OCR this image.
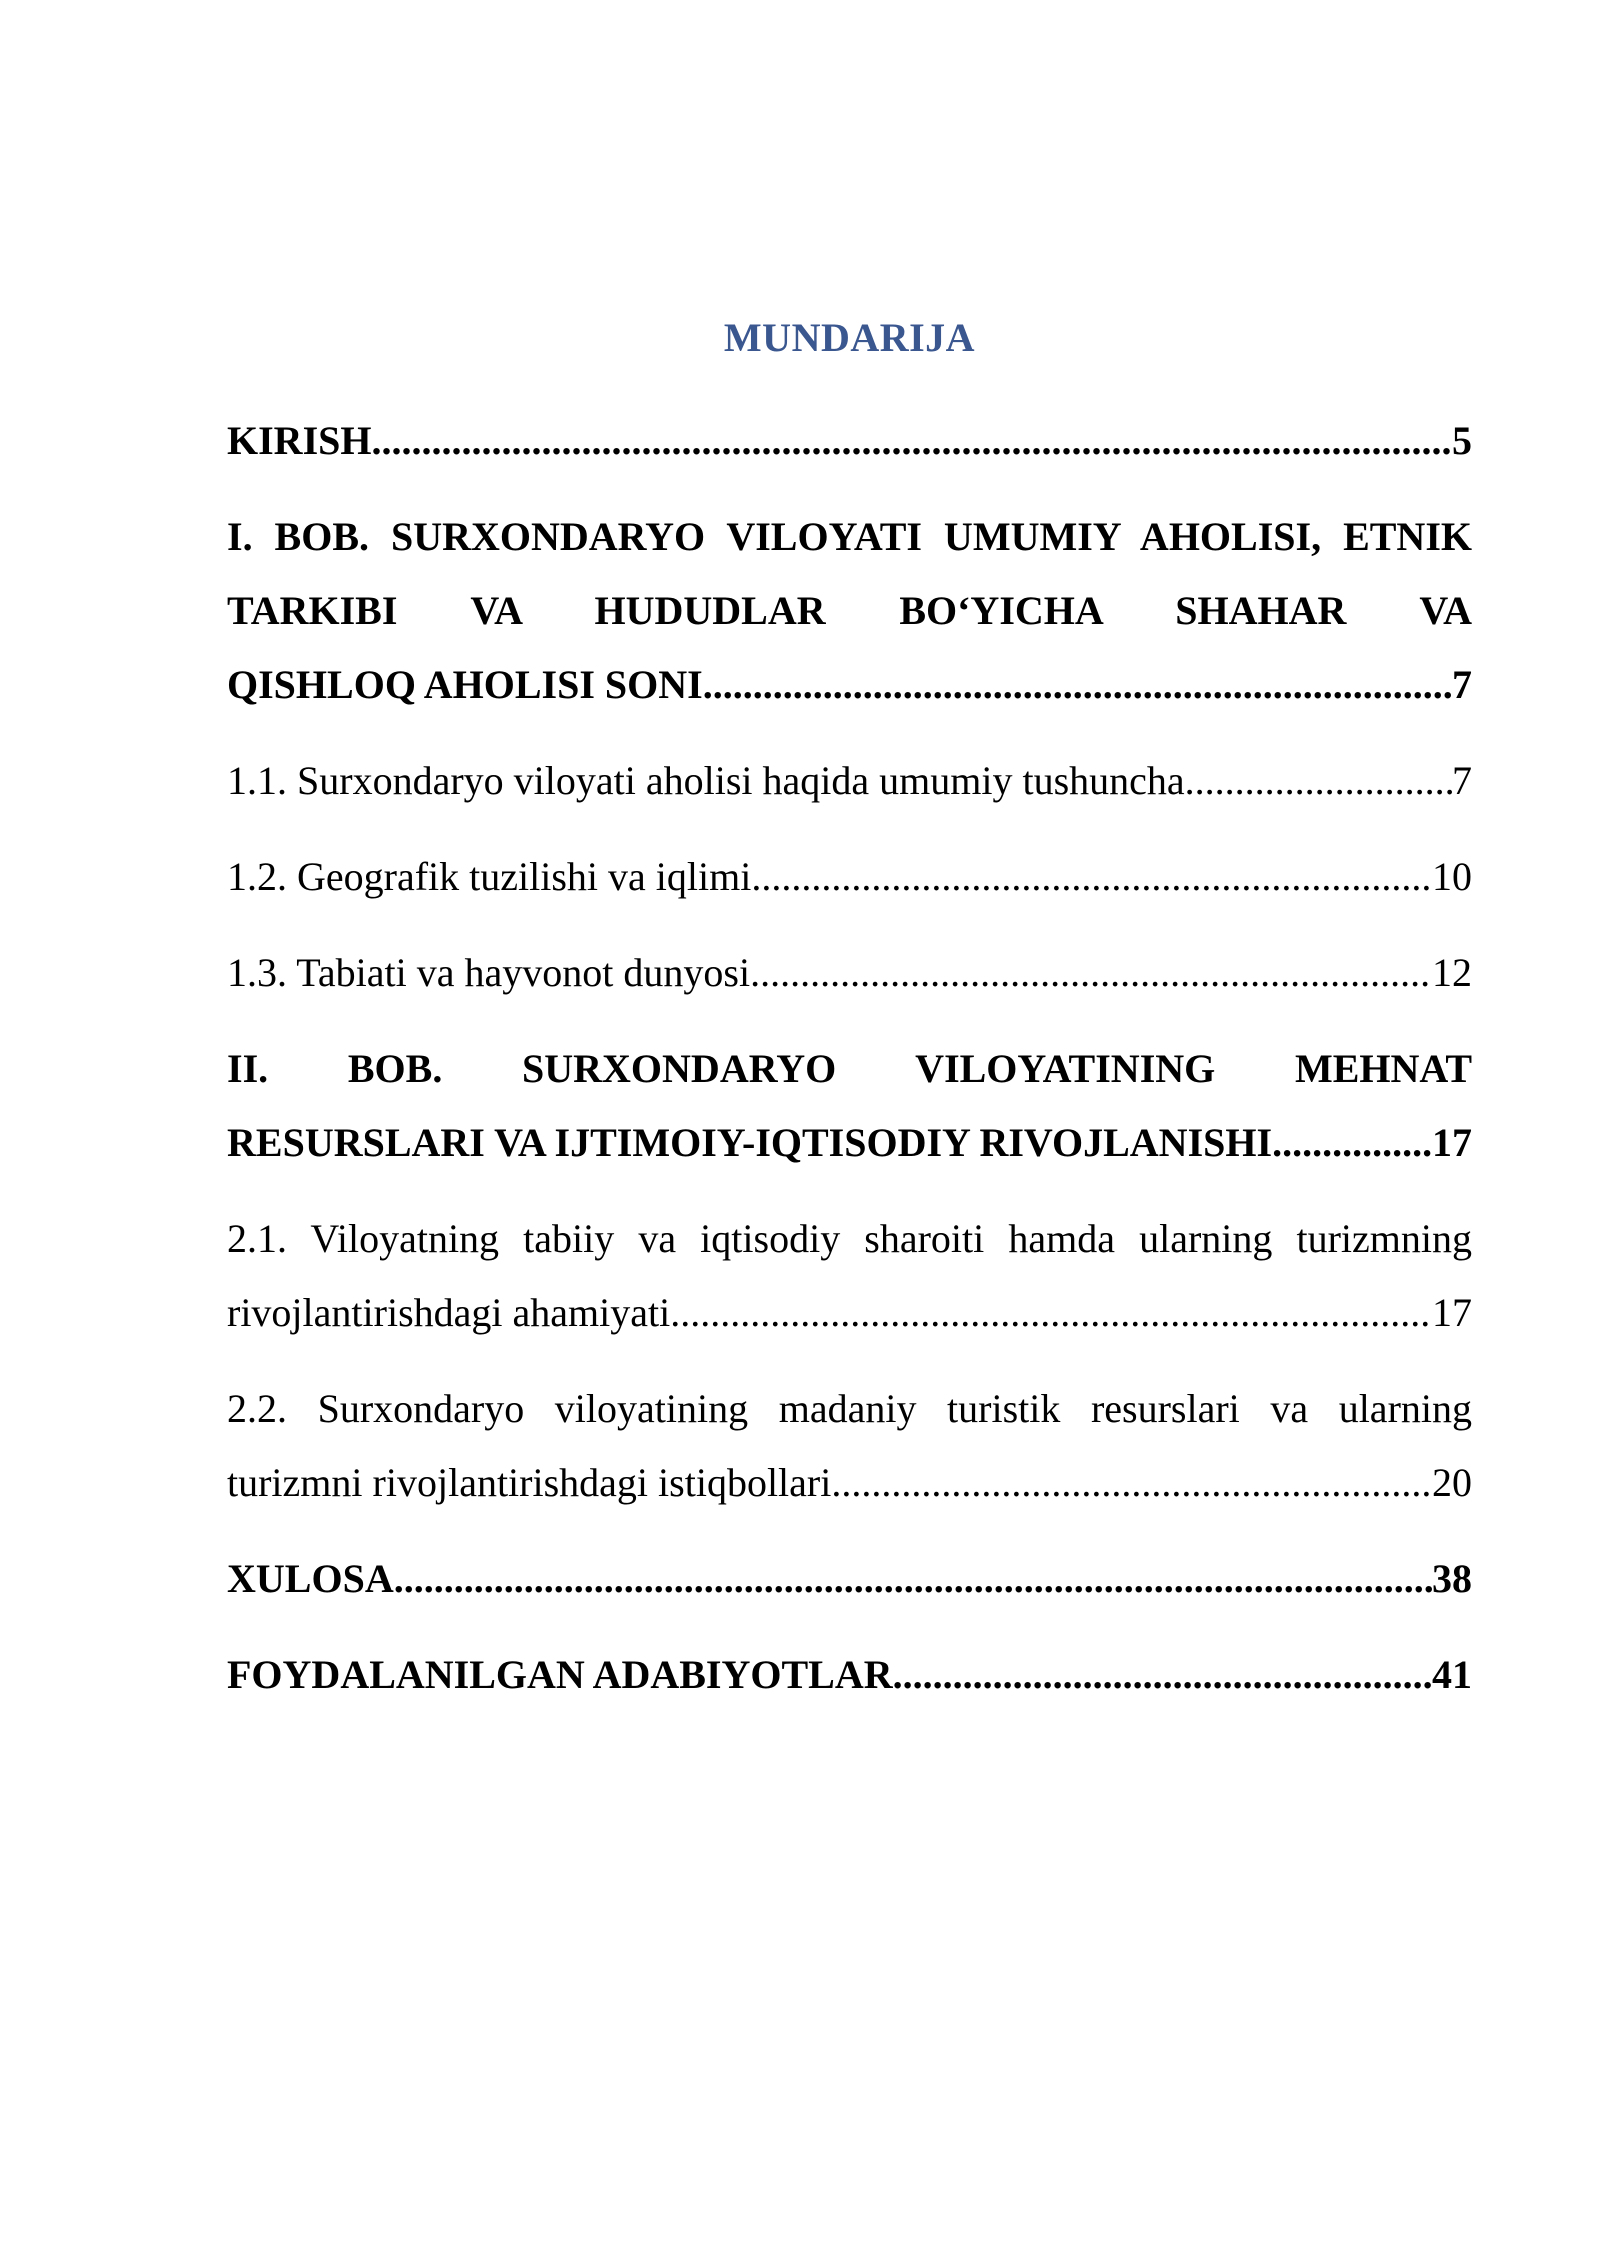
MUNDARIJA
KIRISH .....	5
I. BOB. SURXONDARYO VILOYATI UMUMIY AHOLISI, ETNIK TARKIBI VA HUDUDLAR BO‘YICHA SHAHAR VA
QISHLOQ AHOLISI SONI .....	7
1.1. Surxondaryo viloyati aholisi haqida umumiy tushuncha .....	7
1.2. Geografik tuzilishi va iqlimi .....	10
1.3. Tabiati va hayvonot dunyosi .....	12
II. BOB. SURXONDARYO VILOYATINING MEHNAT
RESURSLARI VA IJTIMOIY-IQTISODIY RIVOJLANISHI .....	17
2.1. Viloyatning tabiiy va iqtisodiy sharoiti hamda ularning turizmning
rivojlantirishdagi ahamiyati .....	17
2.2. Surxondaryo viloyatining madaniy turistik resurslari va ularning
turizmni rivojlantirishdagi istiqbollari .....	20
XULOSA .....	38
FOYDALANILGAN ADABIYOTLAR .....	41
